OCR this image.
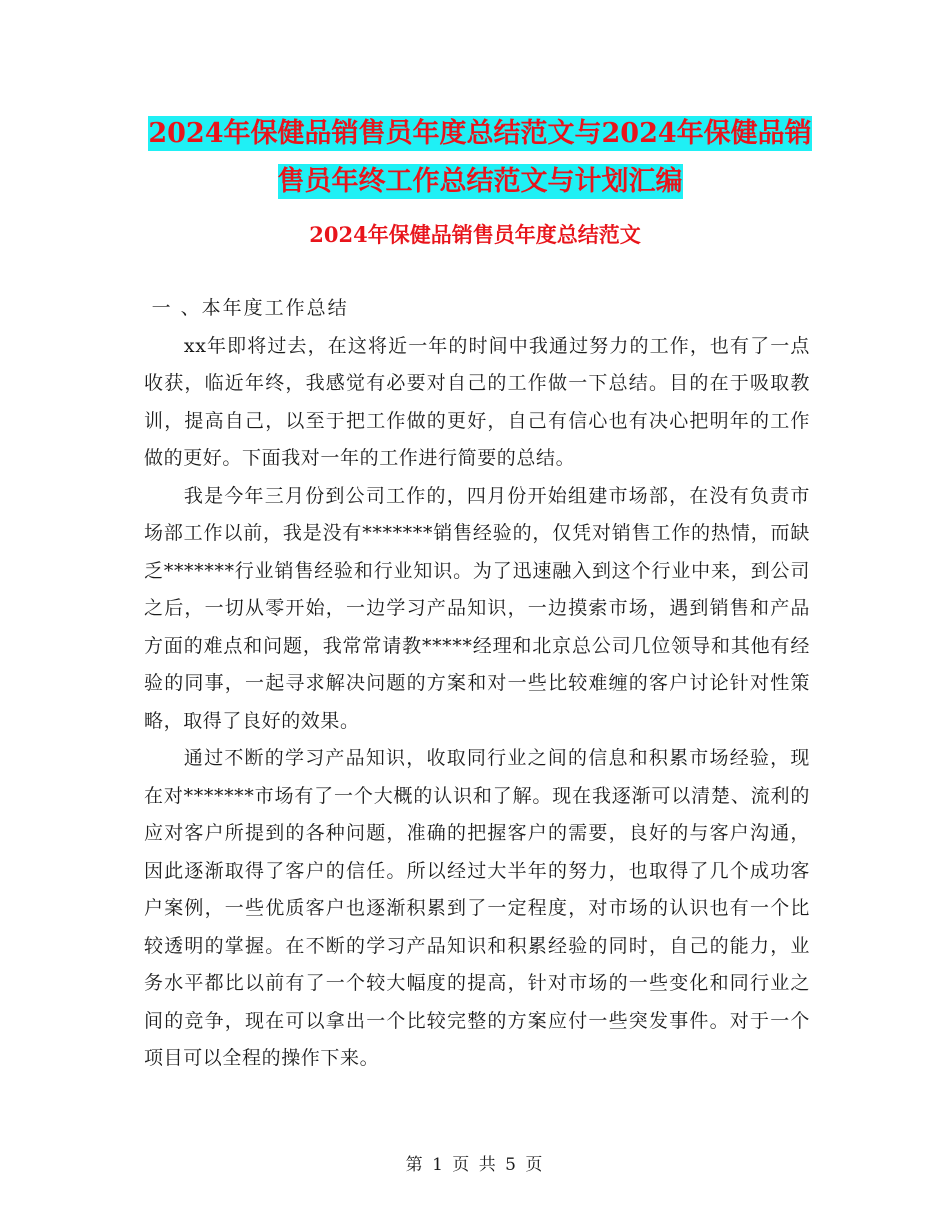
2024年保健品销售员年度总结范文与2024年保健品销
售员年终工作总结范文与计划汇编
2024年保健品销售员年度总结范文

一 、本年度工作总结

xx年即将过去，在这将近一年的时间中我通过努力的工作，也有了一点收获，临近年终，我感觉有必要对自己的工作做一下总结。目的在于吸取教训，提高自己，以至于把工作做的更好，自己有信心也有决心把明年的工作做的更好。下面我对一年的工作进行简要的总结。

我是今年三月份到公司工作的，四月份开始组建市场部，在没有负责市场部工作以前，我是没有*******销售经验的，仅凭对销售工作的热情，而缺乏*******行业销售经验和行业知识。为了迅速融入到这个行业中来，到公司之后，一切从零开始，一边学习产品知识，一边摸索市场，遇到销售和产品方面的难点和问题，我常常请教*****经理和北京总公司几位领导和其他有经验的同事，一起寻求解决问题的方案和对一些比较难缠的客户讨论针对性策略，取得了良好的效果。

通过不断的学习产品知识，收取同行业之间的信息和积累市场经验，现在对*******市场有了一个大概的认识和了解。现在我逐渐可以清楚、流利的应对客户所提到的各种问题，准确的把握客户的需要，良好的与客户沟通，因此逐渐取得了客户的信任。所以经过大半年的努力，也取得了几个成功客户案例，一些优质客户也逐渐积累到了一定程度，对市场的认识也有一个比较透明的掌握。在不断的学习产品知识和积累经验的同时，自己的能力，业务水平都比以前有了一个较大幅度的提高，针对市场的一些变化和同行业之间的竞争，现在可以拿出一个比较完整的方案应付一些突发事件。对于一个项目可以全程的操作下来。

第 1 页 共 5 页
